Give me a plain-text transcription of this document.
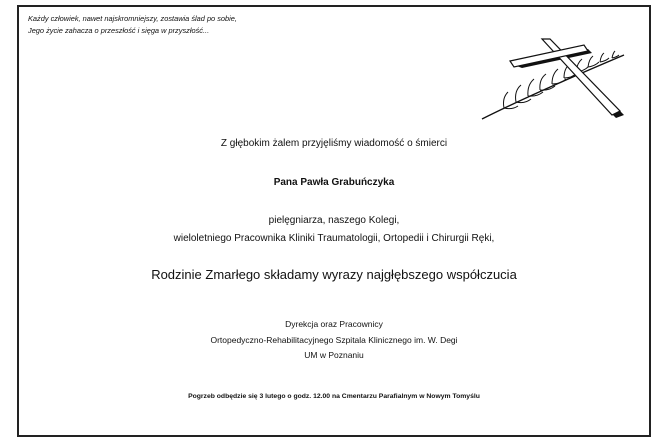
Każdy człowiek, nawet najskromniejszy, zostawia ślad po sobie,
Jego życie zahacza o przeszłość i sięga w przyszłość...
Z głębokim żalem przyjęliśmy wiadomość o śmierci
Pana Pawła Grabuńczyka
pielęgniarza, naszego Kolegi,
wieloletniego Pracownika Kliniki Traumatologii, Ortopedii i Chirurgii Ręki,
Rodzinie Zmarłego składamy wyrazy najgłębszego współczucia
Dyrekcja oraz Pracownicy
Ortopedyczno-Rehabilitacyjnego Szpitala Klinicznego im. W. Degi
UM w Poznaniu
Pogrzeb odbędzie się 3 lutego o godz. 12.00 na Cmentarzu Parafialnym w Nowym Tomyślu
